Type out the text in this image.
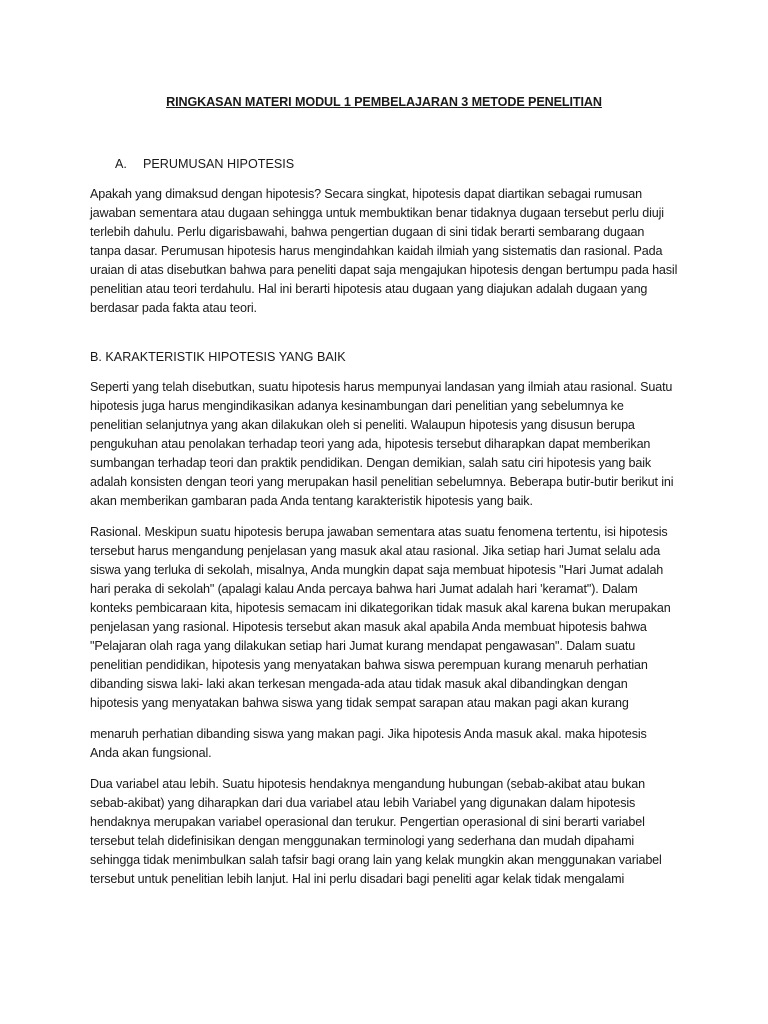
RINGKASAN MATERI MODUL 1 PEMBELAJARAN 3 METODE PENELITIAN
A. PERUMUSAN HIPOTESIS

Apakah yang dimaksud dengan hipotesis? Secara singkat, hipotesis dapat diartikan sebagai rumusan jawaban sementara atau dugaan sehingga untuk membuktikan benar tidaknya dugaan tersebut perlu diuji terlebih dahulu. Perlu digarisbawahi, bahwa pengertian dugaan di sini tidak berarti sembarang dugaan tanpa dasar. Perumusan hipotesis harus mengindahkan kaidah ilmiah yang sistematis dan rasional. Pada uraian di atas disebutkan bahwa para peneliti dapat saja mengajukan hipotesis dengan bertumpu pada hasil penelitian atau teori terdahulu. Hal ini berarti hipotesis atau dugaan yang diajukan adalah dugaan yang berdasar pada fakta atau teori.

B. KARAKTERISTIK HIPOTESIS YANG BAIK

Seperti yang telah disebutkan, suatu hipotesis harus mempunyai landasan yang ilmiah atau rasional. Suatu hipotesis juga harus mengindikasikan adanya kesinambungan dari penelitian yang sebelumnya ke penelitian selanjutnya yang akan dilakukan oleh si peneliti. Walaupun hipotesis yang disusun berupa pengukuhan atau penolakan terhadap teori yang ada, hipotesis tersebut diharapkan dapat memberikan sumbangan terhadap teori dan praktik pendidikan. Dengan demikian, salah satu ciri hipotesis yang baik adalah konsisten dengan teori yang merupakan hasil penelitian sebelumnya. Beberapa butir-butir berikut ini akan memberikan gambaran pada Anda tentang karakteristik hipotesis yang baik.

Rasional. Meskipun suatu hipotesis berupa jawaban sementara atas suatu fenomena tertentu, isi hipotesis tersebut harus mengandung penjelasan yang masuk akal atau rasional. Jika setiap hari Jumat selalu ada siswa yang terluka di sekolah, misalnya, Anda mungkin dapat saja membuat hipotesis "Hari Jumat adalah hari peraka di sekolah" (apalagi kalau Anda percaya bahwa hari Jumat adalah hari 'keramat"). Dalam konteks pembicaraan kita, hipotesis semacam ini dikategorikan tidak masuk akal karena bukan merupakan penjelasan yang rasional. Hipotesis tersebut akan masuk akal apabila Anda membuat hipotesis bahwa "Pelajaran olah raga yang dilakukan setiap hari Jumat kurang mendapat pengawasan". Dalam suatu penelitian pendidikan, hipotesis yang menyatakan bahwa siswa perempuan kurang menaruh perhatian dibanding siswa laki- laki akan terkesan mengada-ada atau tidak masuk akal dibandingkan dengan hipotesis yang menyatakan bahwa siswa yang tidak sempat sarapan atau makan pagi akan kurang

menaruh perhatian dibanding siswa yang makan pagi. Jika hipotesis Anda masuk akal. maka hipotesis Anda akan fungsional.

Dua variabel atau lebih. Suatu hipotesis hendaknya mengandung hubungan (sebab-akibat atau bukan sebab-akibat) yang diharapkan dari dua variabel atau lebih Variabel yang digunakan dalam hipotesis hendaknya merupakan variabel operasional dan terukur. Pengertian operasional di sini berarti variabel tersebut telah didefinisikan dengan menggunakan terminologi yang sederhana dan mudah dipahami sehingga tidak menimbulkan salah tafsir bagi orang lain yang kelak mungkin akan menggunakan variabel tersebut untuk penelitian lebih lanjut. Hal ini perlu disadari bagi peneliti agar kelak tidak mengalami
